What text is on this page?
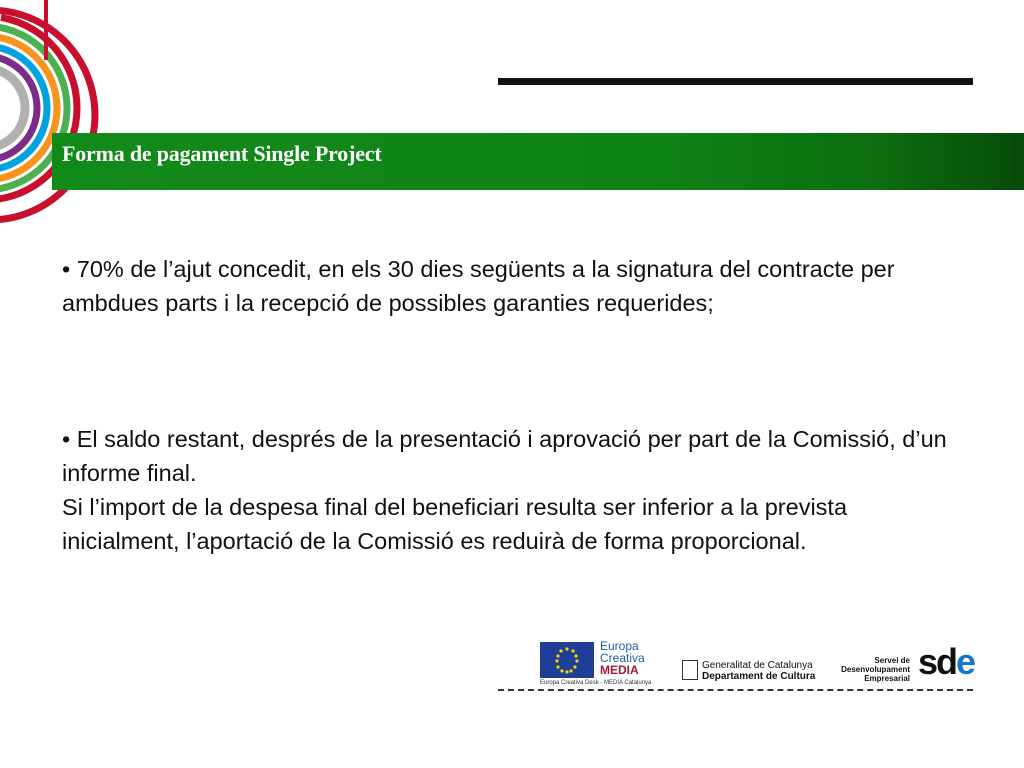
Forma de pagament Single Project
• 70% de l’ajut concedit, en els 30 dies següents a la signatura del contracte per ambdues parts i la recepció de possibles garanties requerides;
• El saldo restant, després de la presentació i aprovació per part de la Comissió, d’un informe final.
Si l’import de la despesa final del beneficiari resulta ser inferior a la prevista inicialment, l’aportació de la Comissió es reduirà de forma proporcional.
Europa
Creativa
MEDIA
Europa Creativa Desk - MEDIA Catalunya
Generalitat de Catalunya
Departament de Cultura
Servei de
Desenvolupament
Empresarial sde
